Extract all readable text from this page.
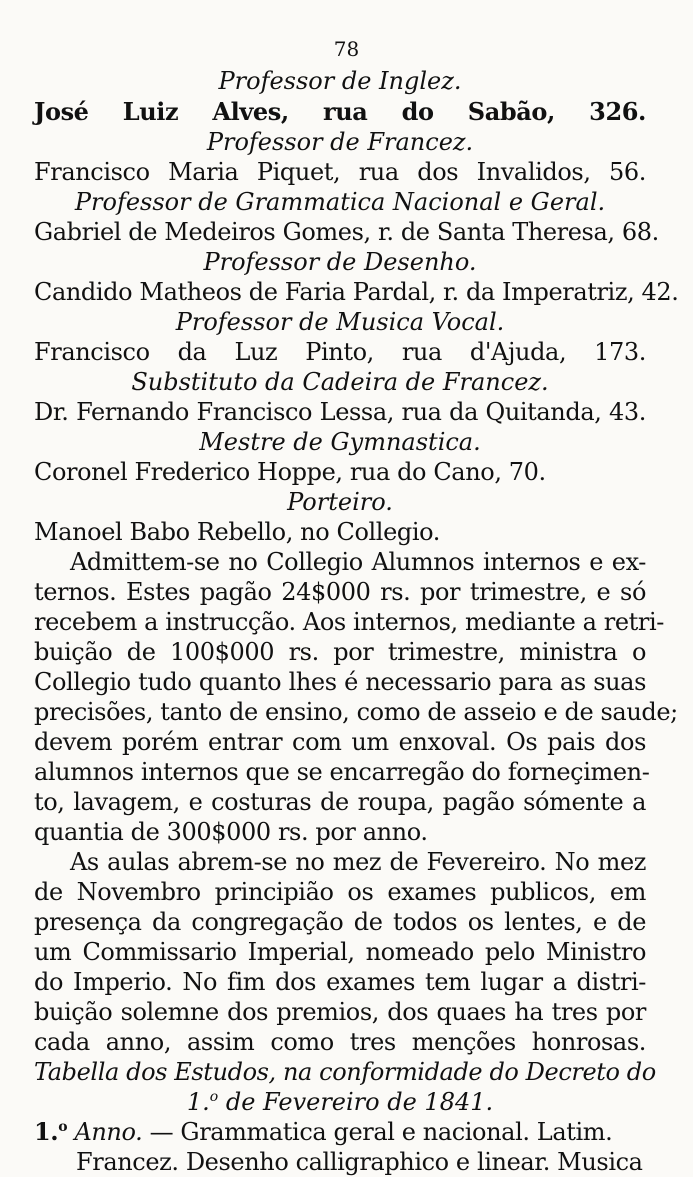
78
Professor de Inglez.
José Luiz Alves, rua do Sabão, 326.
Professor de Francez.
Francisco Maria Piquet, rua dos Invalidos, 56.
Professor de Grammatica Nacional e Geral.
Gabriel de Medeiros Gomes, r. de Santa Theresa, 68.
Professor de Desenho.
Candido Matheos de Faria Pardal, r. da Imperatriz, 42.
Professor de Musica Vocal.
Francisco da Luz Pinto, rua d'Ajuda, 173.
Substituto da Cadeira de Francez.
Dr. Fernando Francisco Lessa, rua da Quitanda, 43.
Mestre de Gymnastica.
Coronel Frederico Hoppe, rua do Cano, 70.
Porteiro.
Manoel Babo Rebello, no Collegio.
Admittem-se no Collegio Alumnos internos e ex-
ternos. Estes pagão 24$000 rs. por trimestre, e só
recebem a instrucção. Aos internos, mediante a retri-
buição de 100$000 rs. por trimestre, ministra o
Collegio tudo quanto lhes é necessario para as suas
precisões, tanto de ensino, como de asseio e de saude;
devem porém entrar com um enxoval. Os pais dos
alumnos internos que se encarregão do forneçimen-
to, lavagem, e costuras de roupa, pagão sómente a
quantia de 300$000 rs. por anno.
As aulas abrem-se no mez de Fevereiro. No mez
de Novembro principião os exames publicos, em
presença da congregação de todos os lentes, e de
um Commissario Imperial, nomeado pelo Ministro
do Imperio. No fim dos exames tem lugar a distri-
buição solemne dos premios, dos quaes ha tres por
cada anno, assim como tres menções honrosas.
Tabella dos Estudos, na conformidade do Decreto do
1.$^o$ de Fevereiro de 1841.
1.$^o$ Anno. — Grammatica geral e nacional. Latim.
Francez. Desenho calligraphico e linear. Musica
